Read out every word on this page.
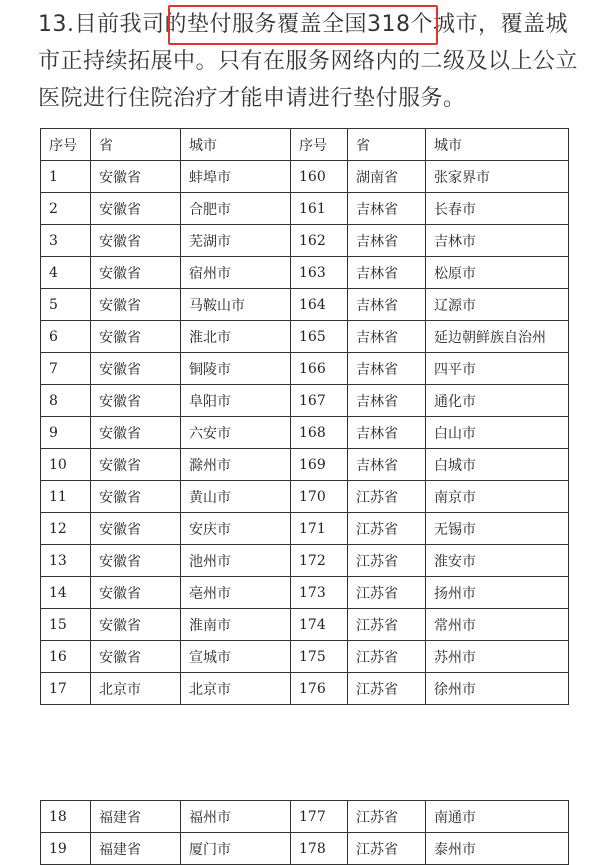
13.目前我司的垫付服务覆盖全国318个城市，覆盖城市正持续拓展中。只有在服务网络内的二级及以上公立医院进行住院治疗才能申请进行垫付服务。
序号	省	城市	序号	省	城市
1	安徽省	蚌埠市	160	湖南省	张家界市
2	安徽省	合肥市	161	吉林省	长春市
3	安徽省	芜湖市	162	吉林省	吉林市
4	安徽省	宿州市	163	吉林省	松原市
5	安徽省	马鞍山市	164	吉林省	辽源市
6	安徽省	淮北市	165	吉林省	延边朝鲜族自治州
7	安徽省	铜陵市	166	吉林省	四平市
8	安徽省	阜阳市	167	吉林省	通化市
9	安徽省	六安市	168	吉林省	白山市
10	安徽省	滁州市	169	吉林省	白城市
11	安徽省	黄山市	170	江苏省	南京市
12	安徽省	安庆市	171	江苏省	无锡市
13	安徽省	池州市	172	江苏省	淮安市
14	安徽省	亳州市	173	江苏省	扬州市
15	安徽省	淮南市	174	江苏省	常州市
16	安徽省	宣城市	175	江苏省	苏州市
17	北京市	北京市	176	江苏省	徐州市
18	福建省	福州市	177	江苏省	南通市
19	福建省	厦门市	178	江苏省	泰州市
